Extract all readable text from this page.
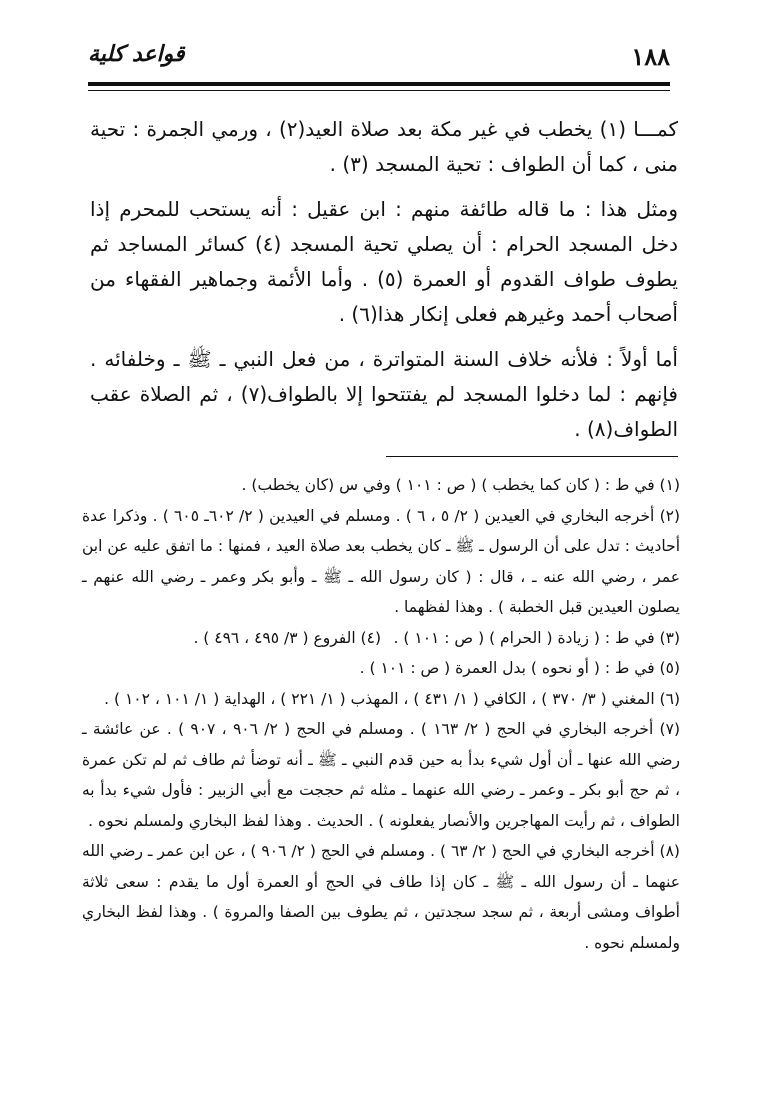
١٨٨
قواعد كلية

كمـــا (١) يخطب في غير مكة بعد صلاة العيد(٢) ، ورمي الجمرة : تحية منى ، كما أن الطواف : تحية المسجد (٣) .

ومثل هذا : ما قاله طائفة منهم : ابن عقيل : أنه يستحب للمحرم إذا دخل المسجد الحرام : أن يصلي تحية المسجد (٤) كسائر المساجد ثم يطوف طواف القدوم أو العمرة (٥) . وأما الأئمة وجماهير الفقهاء من أصحاب أحمد وغيرهم فعلى إنكار هذا(٦) .

أما أولاً : فلأنه خلاف السنة المتواترة ، من فعل النبي ـ ﷺ ـ وخلفائه . فإنهم : لما دخلوا المسجد لم يفتتحوا إلا بالطواف(٧) ، ثم الصلاة عقب الطواف(٨) .

(١) في ط : ( كان كما يخطب ) ( ص : ١٠١ ) وفي س (كان يخطب) .

(٢) أخرجه البخاري في العيدين ( ٢/ ٥ ، ٦ ) . ومسلم في العيدين ( ٢/ ٦٠٢ـ ٦٠٥ ) . وذكرا عدة أحاديث : تدل على أن الرسول ـ ﷺ ـ كان يخطب بعد صلاة العيد ، فمنها : ما اتفق عليه عن ابن عمر ، رضي الله عنه ـ ، قال : ( كان رسول الله ـ ﷺ ـ وأبو بكر وعمر ـ رضي الله عنهم ـ يصلون العيدين قبل الخطبة ) . وهذا لفظهما .

(٣) في ط : ( زيادة ( الحرام ) ( ص : ١٠١ ) .

(٤) الفروع ( ٣/ ٤٩٥ ، ٤٩٦ ) .

(٥) في ط : ( أو نحوه ) بدل العمرة ( ص : ١٠١ ) .

(٦) المغني ( ٣/ ٣٧٠ ) ، الكافي ( ١/ ٤٣١ ) ، المهذب ( ١/ ٢٢١ ) ، الهداية ( ١/ ١٠١ ، ١٠٢ ) .

(٧) أخرجه البخاري في الحج ( ٢/ ١٦٣ ) . ومسلم في الحج ( ٢/ ٩٠٦ ، ٩٠٧ ) . عن عائشة ـ رضي الله عنها ـ أن أول شيء بدأ به حين قدم النبي ـ ﷺ ـ أنه توضأ ثم طاف ثم لم تكن عمرة ، ثم حج أبو بكر ـ وعمر ـ رضي الله عنهما ـ مثله ثم حججت مع أبي الزبير : فأول شيء بدأ به الطواف ، ثم رأيت المهاجرين والأنصار يفعلونه ) . الحديث . وهذا لفظ البخاري ولمسلم نحوه .

(٨) أخرجه البخاري في الحج ( ٢/ ٦٣ ) . ومسلم في الحج ( ٢/ ٩٠٦ ) ، عن ابن عمر ـ رضي الله عنهما ـ أن رسول الله ـ ﷺ ـ كان إذا طاف في الحج أو العمرة أول ما يقدم : سعى ثلاثة أطواف ومشى أربعة ، ثم سجد سجدتين ، ثم يطوف بين الصفا والمروة ) . وهذا لفظ البخاري ولمسلم نحوه .
